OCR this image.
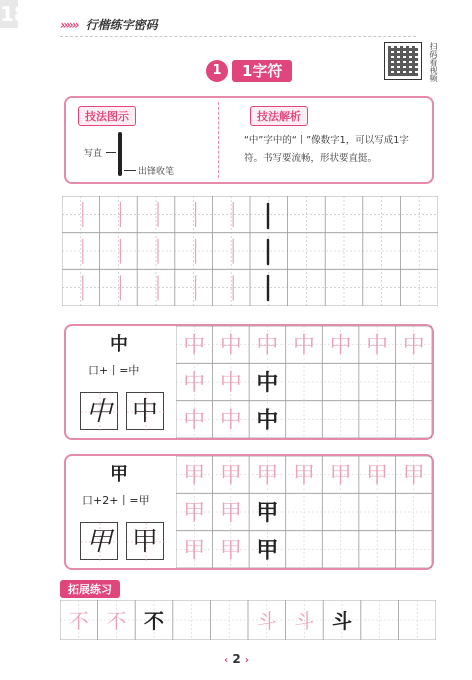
18	»»» 行楷练字密码
扫码看视频
1	1字符
技法图示	技法解析
写直
出锋收笔
“中”字中的“丨”像数字1，可以写成1字符。书写要流畅，形状要直挺。
中
口+丨=中
中 中
中 中 中 中 中 中 中
中 中 中
中 中 中
甲
口+2+丨=甲
甲 甲
甲 甲 甲 甲 甲 甲 甲
甲 甲 甲
甲 甲 甲
拓展练习
不 不 不	斗 斗 斗
‹ 2 ›
